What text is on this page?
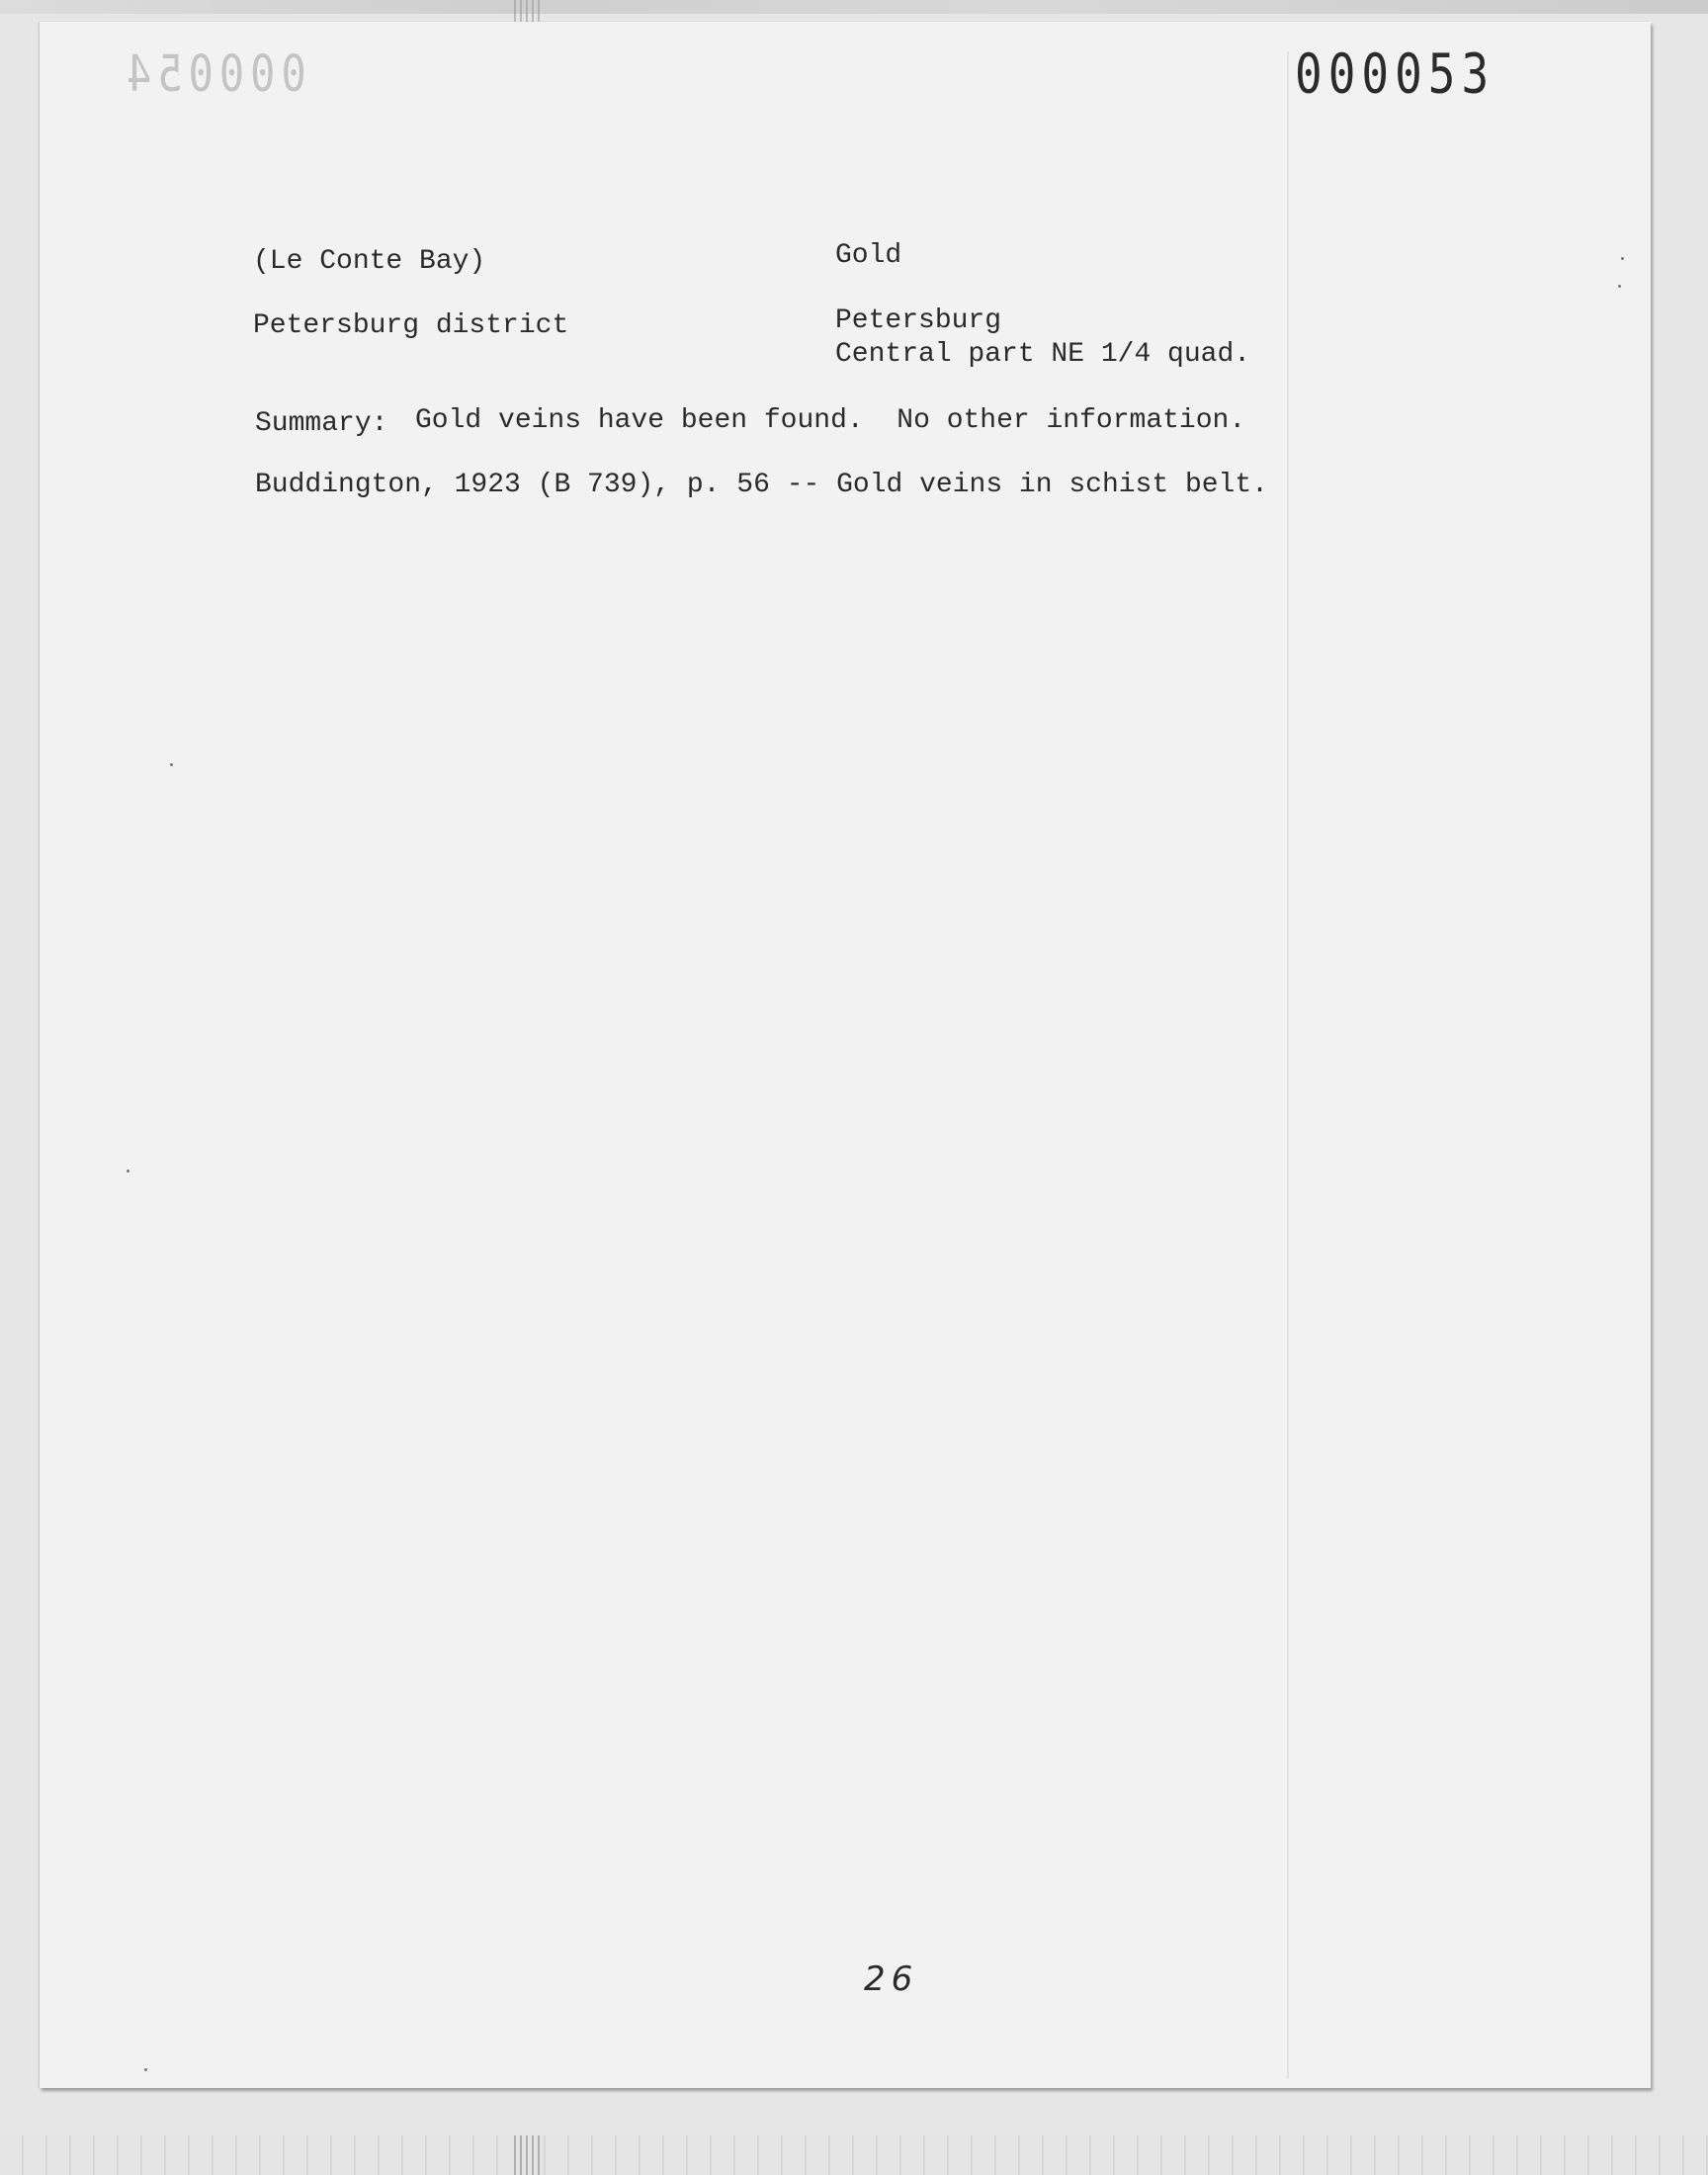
000054	000053
(Le Conte Bay)	Gold
Petersburg district	Petersburg
Central part NE 1/4 quad.
Summary: Gold veins have been found.  No other information.
Buddington, 1923 (B 739), p. 56 -- Gold veins in schist belt.
26
